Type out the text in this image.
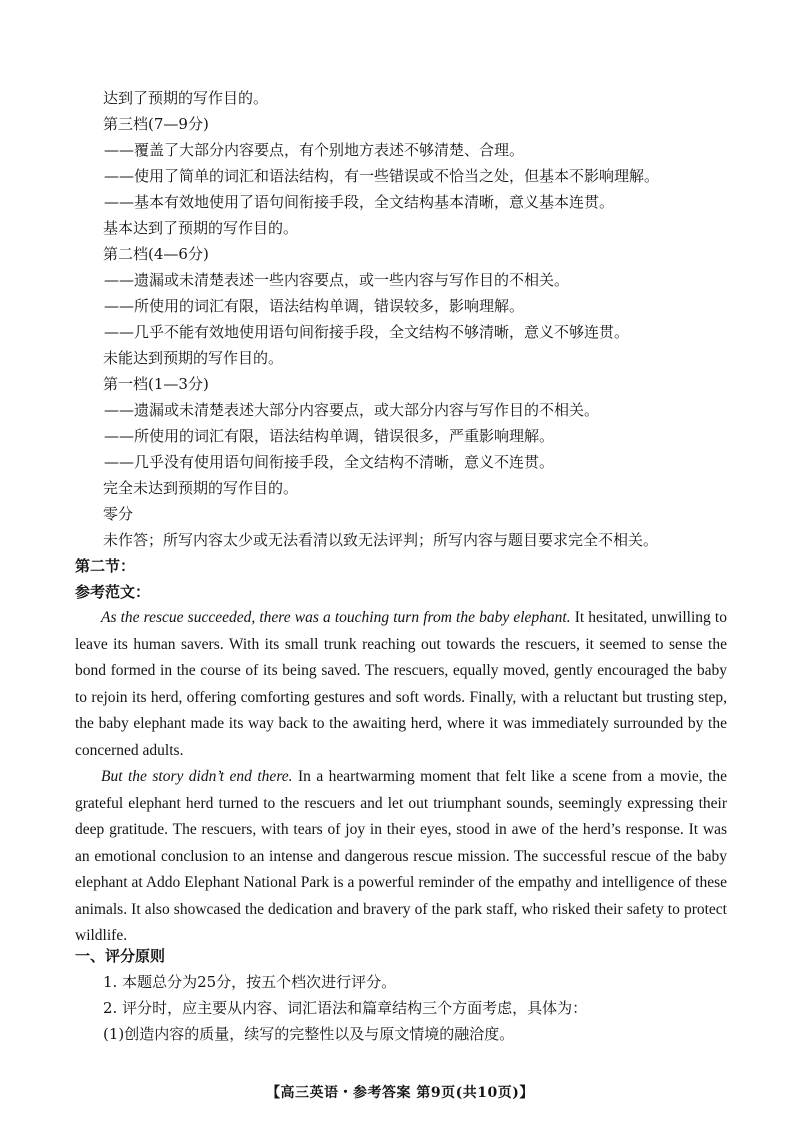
达到了预期的写作目的。
第三档(7—9分)
——覆盖了大部分内容要点，有个别地方表述不够清楚、合理。
——使用了简单的词汇和语法结构，有一些错误或不恰当之处，但基本不影响理解。
——基本有效地使用了语句间衔接手段，全文结构基本清晰，意义基本连贯。
基本达到了预期的写作目的。
第二档(4—6分)
——遗漏或未清楚表述一些内容要点，或一些内容与写作目的不相关。
——所使用的词汇有限，语法结构单调，错误较多，影响理解。
——几乎不能有效地使用语句间衔接手段，全文结构不够清晰，意义不够连贯。
未能达到预期的写作目的。
第一档(1—3分)
——遗漏或未清楚表述大部分内容要点，或大部分内容与写作目的不相关。
——所使用的词汇有限，语法结构单调，错误很多，严重影响理解。
——几乎没有使用语句间衔接手段，全文结构不清晰，意义不连贯。
完全未达到预期的写作目的。
零分
未作答；所写内容太少或无法看清以致无法评判；所写内容与题目要求完全不相关。
第二节：
参考范文：
As the rescue succeeded, there was a touching turn from the baby elephant. It hesitated, unwilling to leave its human savers. With its small trunk reaching out towards the rescuers, it seemed to sense the bond formed in the course of its being saved. The rescuers, equally moved, gently encouraged the baby to rejoin its herd, offering comforting gestures and soft words. Finally, with a reluctant but trusting step, the baby elephant made its way back to the awaiting herd, where it was immediately surrounded by the concerned adults.
But the story didn’t end there. In a heartwarming moment that felt like a scene from a movie, the grateful elephant herd turned to the rescuers and let out triumphant sounds, seemingly expressing their deep gratitude. The rescuers, with tears of joy in their eyes, stood in awe of the herd’s response. It was an emotional conclusion to an intense and dangerous rescue mission. The successful rescue of the baby elephant at Addo Elephant National Park is a powerful reminder of the empathy and intelligence of these animals. It also showcased the dedication and bravery of the park staff, who risked their safety to protect wildlife.
一、评分原则
1. 本题总分为25分，按五个档次进行评分。
2. 评分时，应主要从内容、词汇语法和篇章结构三个方面考虑，具体为：
(1)创造内容的质量，续写的完整性以及与原文情境的融洽度。
【高三英语・参考答案 第9页(共10页)】
